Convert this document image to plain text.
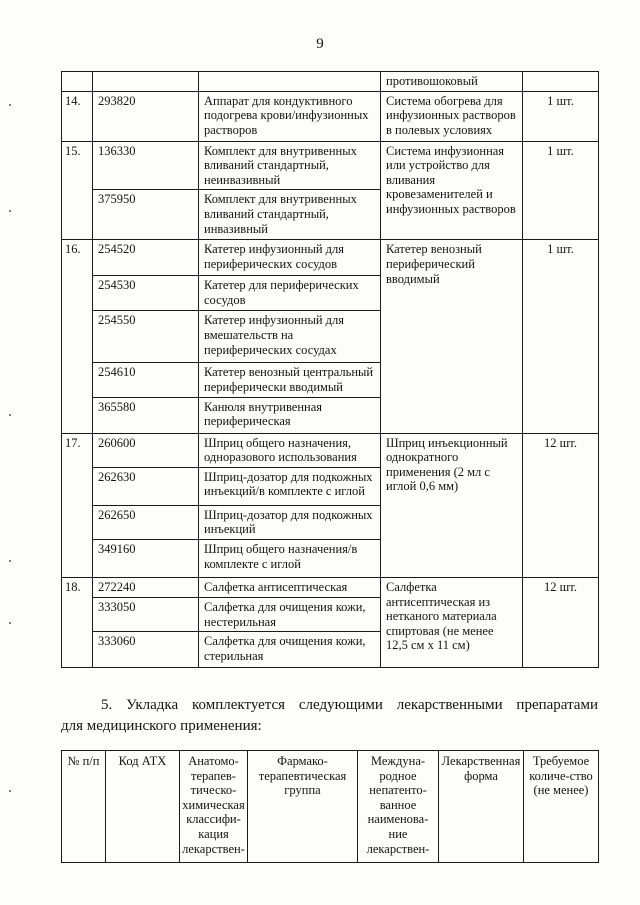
9
			противошоковый	
14.	293820	Аппарат для кондуктивного подогрева крови/инфузионных растворов	Система обогрева для инфузионных растворов в полевых условиях	1 шт.
15.	136330	Комплект для внутривенных вливаний стандартный, неинвазивный	Система инфузионная или устройство для вливания кровезаменителей и инфузионных растворов	1 шт.
	375950	Комплект для внутривенных вливаний стандартный, инвазивный		
16.	254520	Катетер инфузионный для периферических сосудов	Катетер венозный периферический вводимый	1 шт.
	254530	Катетер для периферических сосудов		
	254550	Катетер инфузионный для вмешательств на периферических сосудах		
	254610	Катетер венозный центральный периферически вводимый		
	365580	Канюля внутривенная периферическая		
17.	260600	Шприц общего назначения, одноразового использования	Шприц инъекционный однократного применения (2 мл с иглой 0,6 мм)	12 шт.
	262630	Шприц-дозатор для подкожных инъекций/в комплекте с иглой		
	262650	Шприц-дозатор для подкожных инъекций		
	349160	Шприц общего назначения/в комплекте с иглой		
18.	272240	Салфетка антисептическая	Салфетка антисептическая из нетканого материала спиртовая (не менее 12,5 см х 11 см)	12 шт.
	333050	Салфетка для очищения кожи, нестерильная		
	333060	Салфетка для очищения кожи, стерильная		
5. Укладка комплектуется следующими лекарственными препаратами
для медицинского применения:
№ п/п	Код АТХ	Анатомо-терапев-тическо-химическая классифи-кация лекарствен-	Фармако-терапевтическая группа	Междуна-родное непатенто-ванное наименова-ние лекарствен-	Лекарственная форма	Требуемое количе-ство (не менее)
